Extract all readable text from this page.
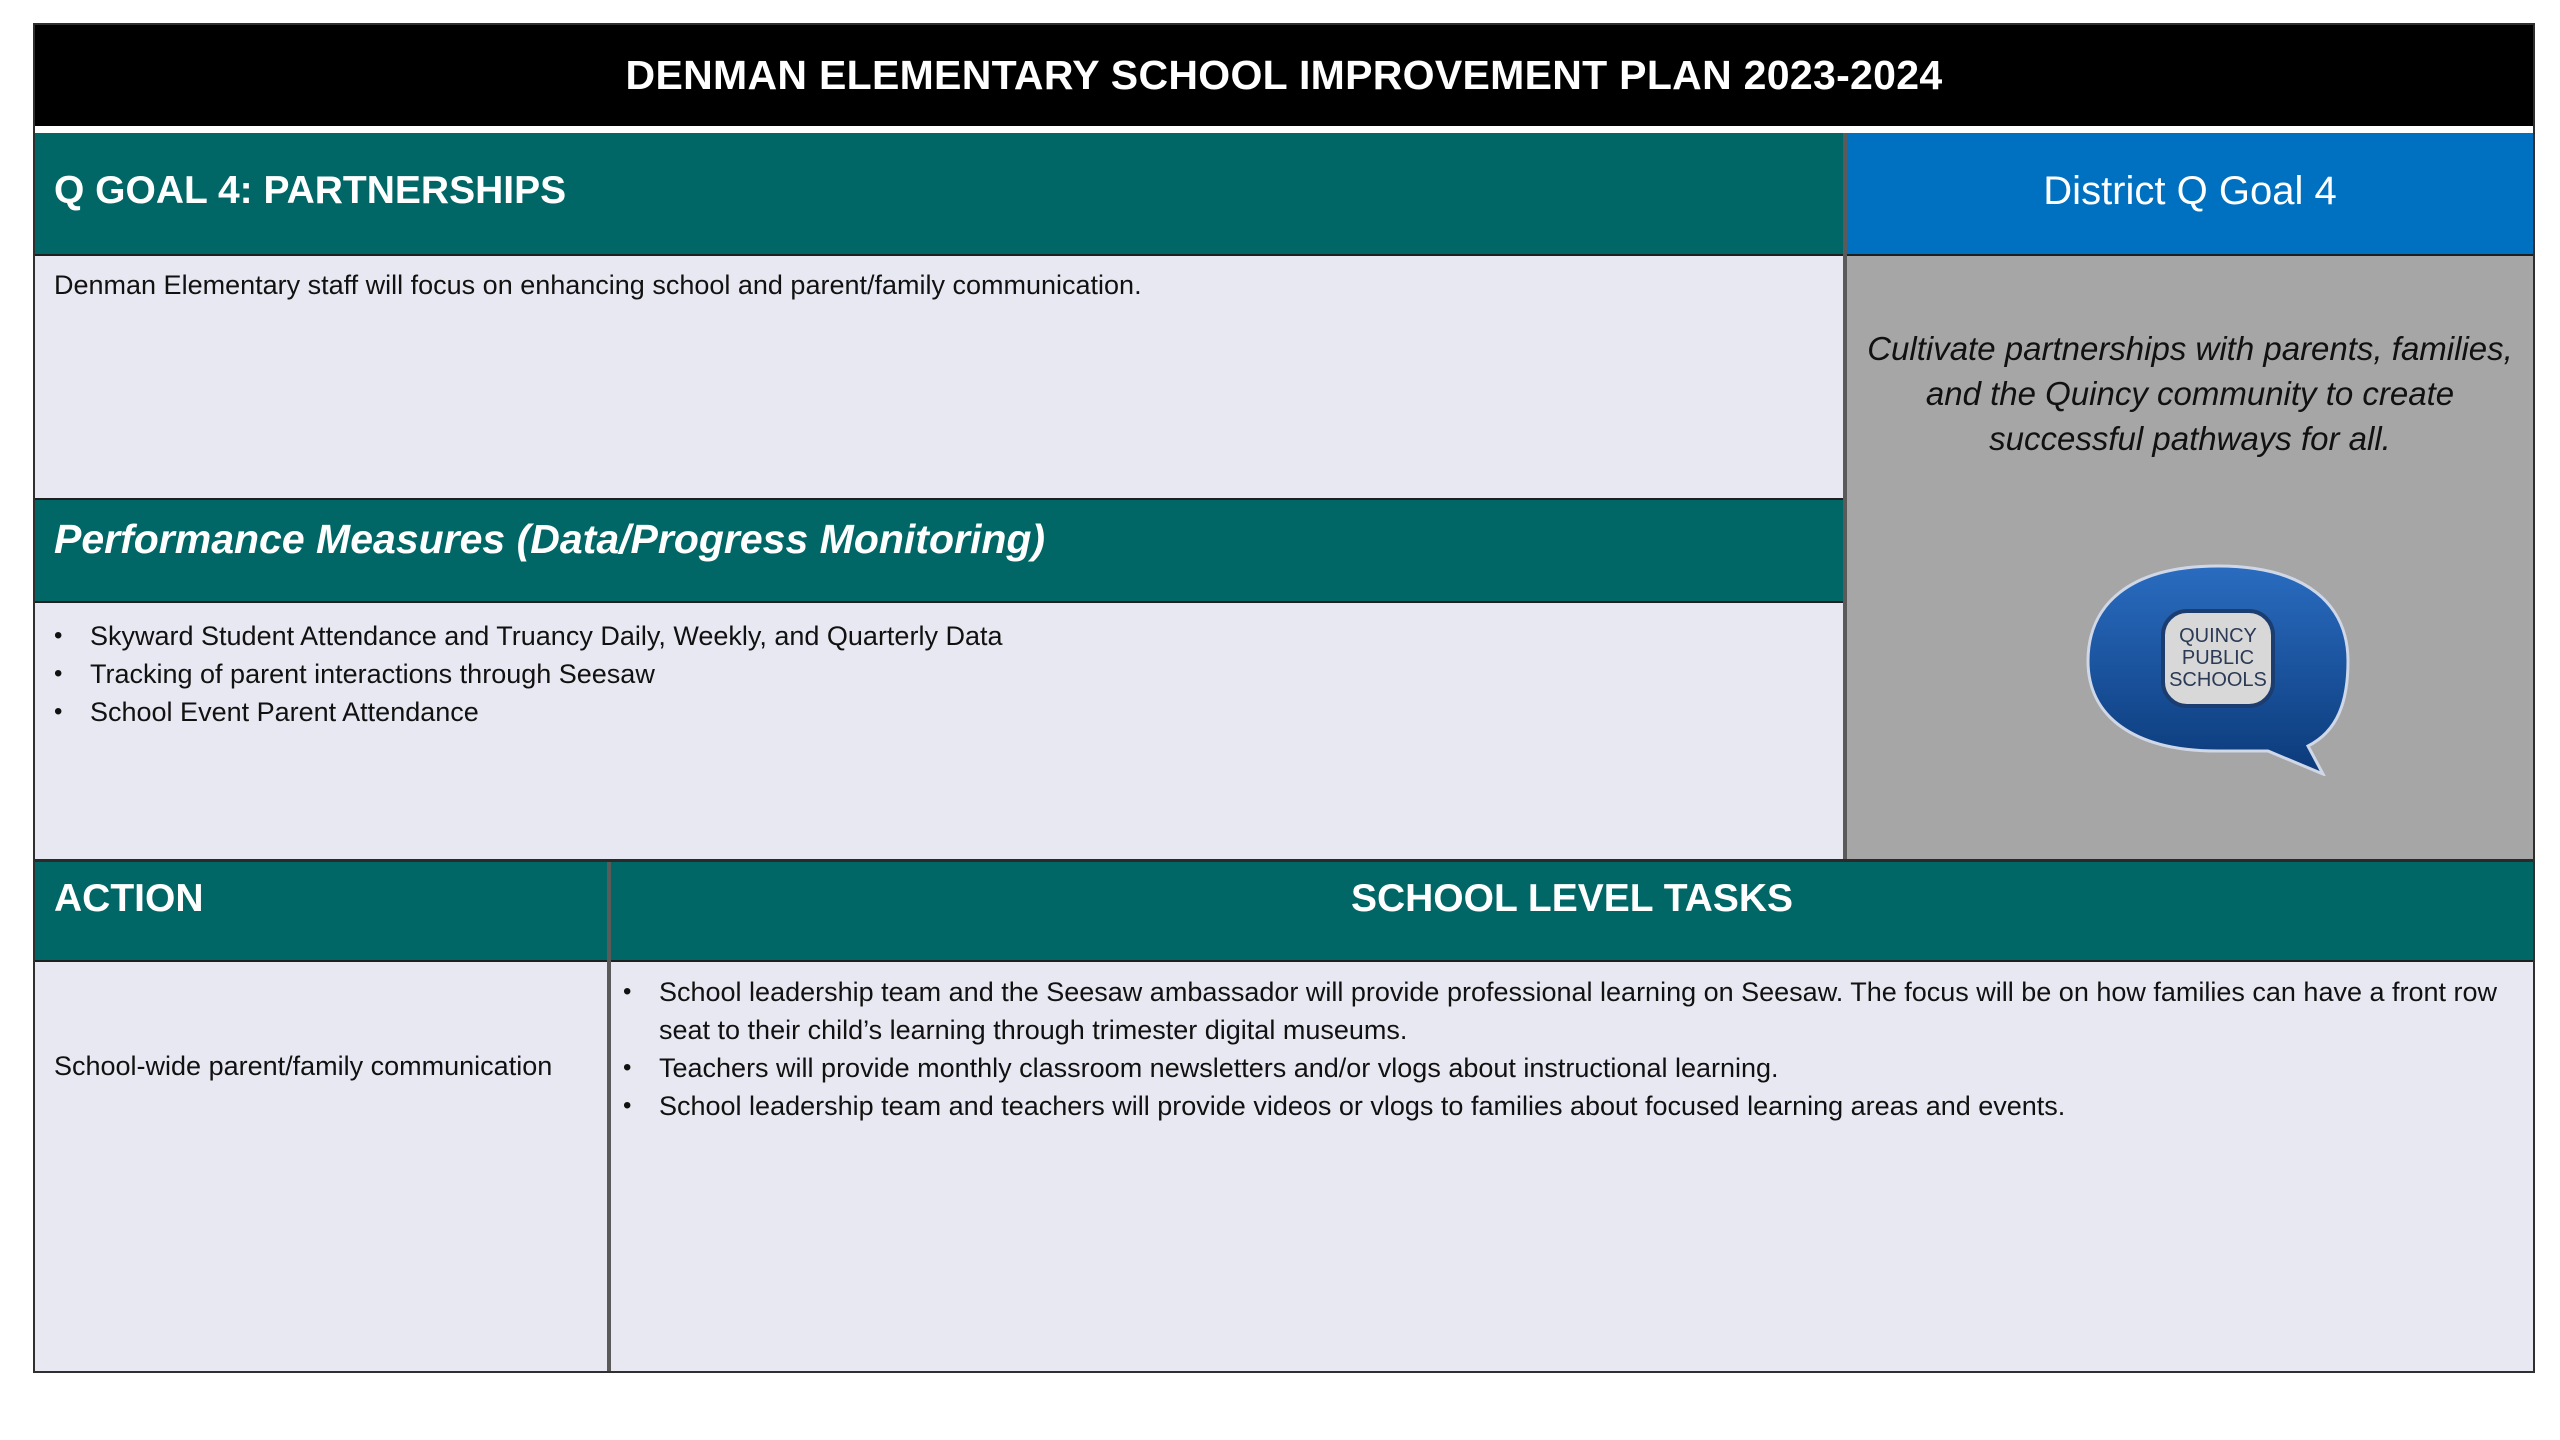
DENMAN ELEMENTARY SCHOOL IMPROVEMENT PLAN 2023-2024
Q GOAL 4: PARTNERSHIPS	District Q Goal 4
Denman Elementary staff will focus on enhancing school and parent/family communication.
Performance Measures (Data/Progress Monitoring)
• Skyward Student Attendance and Truancy Daily, Weekly, and Quarterly Data
• Tracking of parent interactions through Seesaw
• School Event Parent Attendance
Cultivate partnerships with parents, families, and the Quincy community to create successful pathways for all.
QUINCY
PUBLIC
SCHOOLS
ACTION	SCHOOL LEVEL TASKS
School-wide parent/family communication
• School leadership team and the Seesaw ambassador will provide professional learning on Seesaw. The focus will be on how families can have a front row seat to their child’s learning through trimester digital museums.
• Teachers will provide monthly classroom newsletters and/or vlogs about instructional learning.
• School leadership team and teachers will provide videos or vlogs to families about focused learning areas and events.
